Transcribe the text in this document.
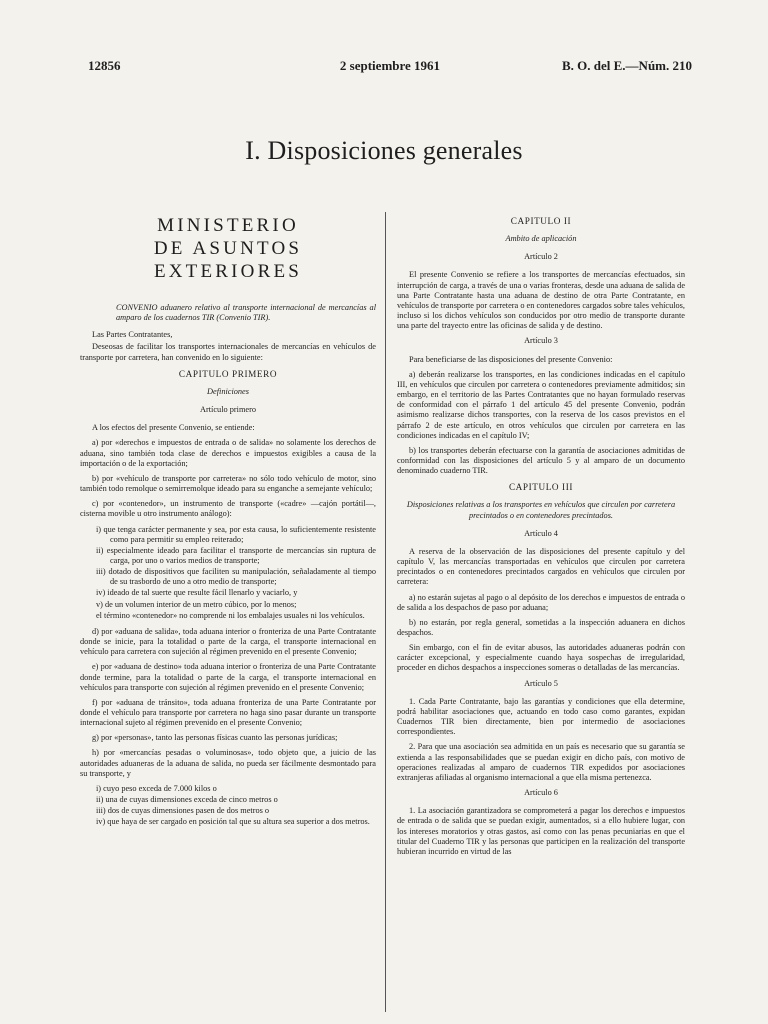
12856	2 septiembre 1961	B. O. del E.—Núm. 210
I. Disposiciones generales
MINISTERIO
DE ASUNTOS EXTERIORES

CONVENIO aduanero relativo al transporte internacional de mercancías al amparo de los cuadernos TIR (Convenio TIR).

Las Partes Contratantes,

Deseosas de facilitar los transportes internacionales de mercancías en vehículos de transporte por carretera, han convenido en lo siguiente:

CAPITULO PRIMERO

Definiciones

Artículo primero

A los efectos del presente Convenio, se entiende:

a) por «derechos e impuestos de entrada o de salida» no solamente los derechos de aduana, sino también toda clase de derechos e impuestos exigibles a causa de la importación o de la exportación;

b) por «vehículo de transporte por carretera» no sólo todo vehículo de motor, sino también todo remolque o semirremolque ideado para su enganche a semejante vehículo;

c) por «contenedor», un instrumento de transporte («cadre» —cajón portátil—, cisterna movible u otro instrumento análogo):

i) que tenga carácter permanente y sea, por esta causa, lo suficientemente resistente como para permitir su empleo reiterado;

ii) especialmente ideado para facilitar el transporte de mercancías sin ruptura de carga, por uno o varios medios de transporte;

iii) dotado de dispositivos que faciliten su manipulación, señaladamente al tiempo de su trasbordo de uno a otro medio de transporte;

iv) ideado de tal suerte que resulte fácil llenarlo y vaciarlo, y

v) de un volumen interior de un metro cúbico, por lo menos;

el término «contenedor» no comprende ni los embalajes usuales ni los vehículos.

d) por «aduana de salida», toda aduana interior o fronteriza de una Parte Contratante donde se inicie, para la totalidad o parte de la carga, el transporte internacional en vehículo para carretera con sujeción al régimen prevenido en el presente Convenio;

e) por «aduana de destino» toda aduana interior o fronteriza de una Parte Contratante donde termine, para la totalidad o parte de la carga, el transporte internacional en vehículos para transporte con sujeción al régimen prevenido en el presente Convenio;

f) por «aduana de tránsito», toda aduana fronteriza de una Parte Contratante por donde el vehículo para transporte por carretera no haga sino pasar durante un transporte internacional sujeto al régimen prevenido en el presente Convenio;

g) por «personas», tanto las personas físicas cuanto las personas jurídicas;

h) por «mercancías pesadas o voluminosas», todo objeto que, a juicio de las autoridades aduaneras de la aduana de salida, no pueda ser fácilmente desmontado para su transporte, y

i) cuyo peso exceda de 7.000 kilos o

ii) una de cuyas dimensiones exceda de cinco metros o

iii) dos de cuyas dimensiones pasen de dos metros o

iv) que haya de ser cargado en posición tal que su altura sea superior a dos metros.

CAPITULO II

Ambito de aplicación

Artículo 2

El presente Convenio se refiere a los transportes de mercancías efectuados, sin interrupción de carga, a través de una o varias fronteras, desde una aduana de salida de una Parte Contratante hasta una aduana de destino de otra Parte Contratante, en vehículos de transporte por carretera o en contenedores cargados sobre tales vehículos, incluso si los dichos vehículos son conducidos por otro medio de transporte durante una parte del trayecto entre las oficinas de salida y de destino.

Artículo 3

Para beneficiarse de las disposiciones del presente Convenio:

a) deberán realizarse los transportes, en las condiciones indicadas en el capítulo III, en vehículos que circulen por carretera o contenedores previamente admitidos; sin embargo, en el territorio de las Partes Contratantes que no hayan formulado reservas de conformidad con el párrafo 1 del artículo 45 del presente Convenio, podrán asimismo realizarse dichos transportes, con la reserva de los casos previstos en el párrafo 2 de este artículo, en otros vehículos que circulen por carretera en las condiciones indicadas en el capítulo IV;

b) los transportes deberán efectuarse con la garantía de asociaciones admitidas de conformidad con las disposiciones del artículo 5 y al amparo de un documento denominado cuaderno TIR.

CAPITULO III

Disposiciones relativas a los transportes en vehículos que circulen por carretera precintados o en contenedores precintados.

Artículo 4

A reserva de la observación de las disposiciones del presente capítulo y del capítulo V, las mercancías transportadas en vehículos que circulen por carretera precintados o en contenedores precintados cargados en vehículos que circulen por carretera:

a) no estarán sujetas al pago o al depósito de los derechos e impuestos de entrada o de salida a los despachos de paso por aduana;

b) no estarán, por regla general, sometidas a la inspección aduanera en dichos despachos.

Sin embargo, con el fin de evitar abusos, las autoridades aduaneras podrán con carácter excepcional, y especialmente cuando haya sospechas de irregularidad, proceder en dichos despachos a inspecciones someras o detalladas de las mercancías.

Artículo 5

1. Cada Parte Contratante, bajo las garantías y condiciones que ella determine, podrá habilitar asociaciones que, actuando en todo caso como garantes, expidan Cuadernos TIR bien directamente, bien por intermedio de asociaciones correspondientes.

2. Para que una asociación sea admitida en un país es necesario que su garantía se extienda a las responsabilidades que se puedan exigir en dicho país, con motivo de operaciones realizadas al amparo de cuadernos TIR expedidos por asociaciones extranjeras afiliadas al organismo internacional a que ella misma pertenezca.

Artículo 6

1. La asociación garantizadora se comprometerá a pagar los derechos e impuestos de entrada o de salida que se puedan exigir, aumentados, si a ello hubiere lugar, con los intereses moratorios y otras gastos, así como con las penas pecuniarias en que el titular del Cuaderno TIR y las personas que participen en la realización del transporte hubieran incurrido en virtud de las
